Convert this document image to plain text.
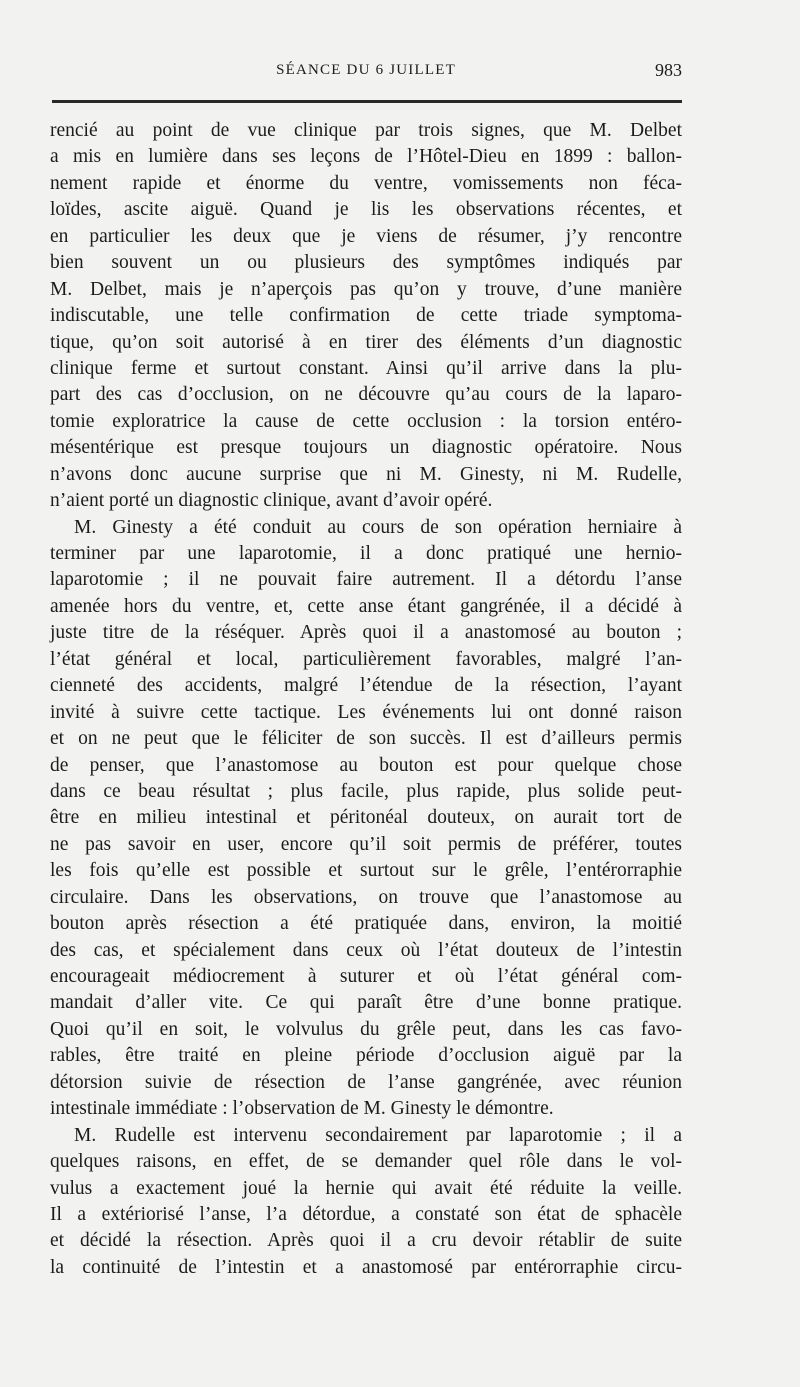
SÉANCE DU 6 JUILLET	983
rencié au point de vue clinique par trois signes, que M. Delbet
a mis en lumière dans ses leçons de l’Hôtel-Dieu en 1899 : ballon-
nement rapide et énorme du ventre, vomissements non féca-
loïdes, ascite aiguë. Quand je lis les observations récentes, et
en particulier les deux que je viens de résumer, j’y rencontre
bien souvent un ou plusieurs des symptômes indiqués par
M. Delbet, mais je n’aperçois pas qu’on y trouve, d’une manière
indiscutable, une telle confirmation de cette triade symptoma-
tique, qu’on soit autorisé à en tirer des éléments d’un diagnostic
clinique ferme et surtout constant. Ainsi qu’il arrive dans la plu-
part des cas d’occlusion, on ne découvre qu’au cours de la laparo-
tomie exploratrice la cause de cette occlusion : la torsion entéro-
mésentérique est presque toujours un diagnostic opératoire. Nous
n’avons donc aucune surprise que ni M. Ginesty, ni M. Rudelle,
n’aient porté un diagnostic clinique, avant d’avoir opéré.
M. Ginesty a été conduit au cours de son opération herniaire à
terminer par une laparotomie, il a donc pratiqué une hernio-
laparotomie ; il ne pouvait faire autrement. Il a détordu l’anse
amenée hors du ventre, et, cette anse étant gangrénée, il a décidé à
juste titre de la réséquer. Après quoi il a anastomosé au bouton ;
l’état général et local, particulièrement favorables, malgré l’an-
cienneté des accidents, malgré l’étendue de la résection, l’ayant
invité à suivre cette tactique. Les événements lui ont donné raison
et on ne peut que le féliciter de son succès. Il est d’ailleurs permis
de penser, que l’anastomose au bouton est pour quelque chose
dans ce beau résultat ; plus facile, plus rapide, plus solide peut-
être en milieu intestinal et péritonéal douteux, on aurait tort de
ne pas savoir en user, encore qu’il soit permis de préférer, toutes
les fois qu’elle est possible et surtout sur le grêle, l’entérorraphie
circulaire. Dans les observations, on trouve que l’anastomose au
bouton après résection a été pratiquée dans, environ, la moitié
des cas, et spécialement dans ceux où l’état douteux de l’intestin
encourageait médiocrement à suturer et où l’état général com-
mandait d’aller vite. Ce qui paraît être d’une bonne pratique.
Quoi qu’il en soit, le volvulus du grêle peut, dans les cas favo-
rables, être traité en pleine période d’occlusion aiguë par la
détorsion suivie de résection de l’anse gangrénée, avec réunion
intestinale immédiate : l’observation de M. Ginesty le démontre.
M. Rudelle est intervenu secondairement par laparotomie ; il a
quelques raisons, en effet, de se demander quel rôle dans le vol-
vulus a exactement joué la hernie qui avait été réduite la veille.
Il a extériorisé l’anse, l’a détordue, a constaté son état de sphacèle
et décidé la résection. Après quoi il a cru devoir rétablir de suite
la continuité de l’intestin et a anastomosé par entérorraphie circu-
